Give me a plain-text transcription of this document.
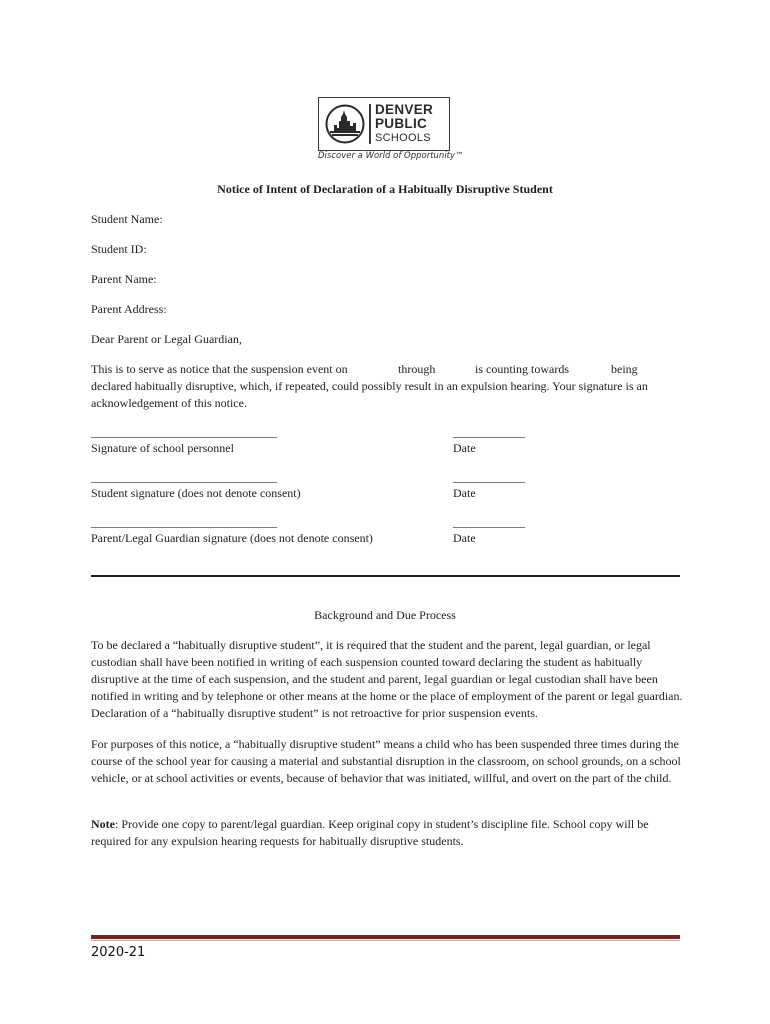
DENVER
PUBLIC
SCHOOLS
Discover a World of Opportunity™
Notice of Intent of Declaration of a Habitually Disruptive Student
Student Name:
Student ID:
Parent Name:
Parent Address:
Dear Parent or Legal Guardian,
This is to serve as notice that the suspension event on	through	is counting towards	being
declared habitually disruptive, which, if repeated, could possibly result in an expulsion hearing. Your signature is an
acknowledgement of this notice.
_______________________________
Signature of school personnel
____________
Date
_______________________________
Student signature (does not denote consent)
____________
Date
_______________________________
Parent/Legal Guardian signature (does not denote consent)
____________
Date
Background and Due Process
To be declared a “habitually disruptive student”, it is required that the student and the parent, legal guardian, or legal custodian shall have been notified in writing of each suspension counted toward declaring the student as habitually disruptive at the time of each suspension, and the student and parent, legal guardian or legal custodian shall have been notified in writing and by telephone or other means at the home or the place of employment of the parent or legal guardian. Declaration of a “habitually disruptive student” is not retroactive for prior suspension events.
For purposes of this notice, a “habitually disruptive student” means a child who has been suspended three times during the course of the school year for causing a material and substantial disruption in the classroom, on school grounds, on a school vehicle, or at school activities or events, because of behavior that was initiated, willful, and overt on the part of the child.
Note: Provide one copy to parent/legal guardian. Keep original copy in student’s discipline file. School copy will be required for any expulsion hearing requests for habitually disruptive students.
2020-21
